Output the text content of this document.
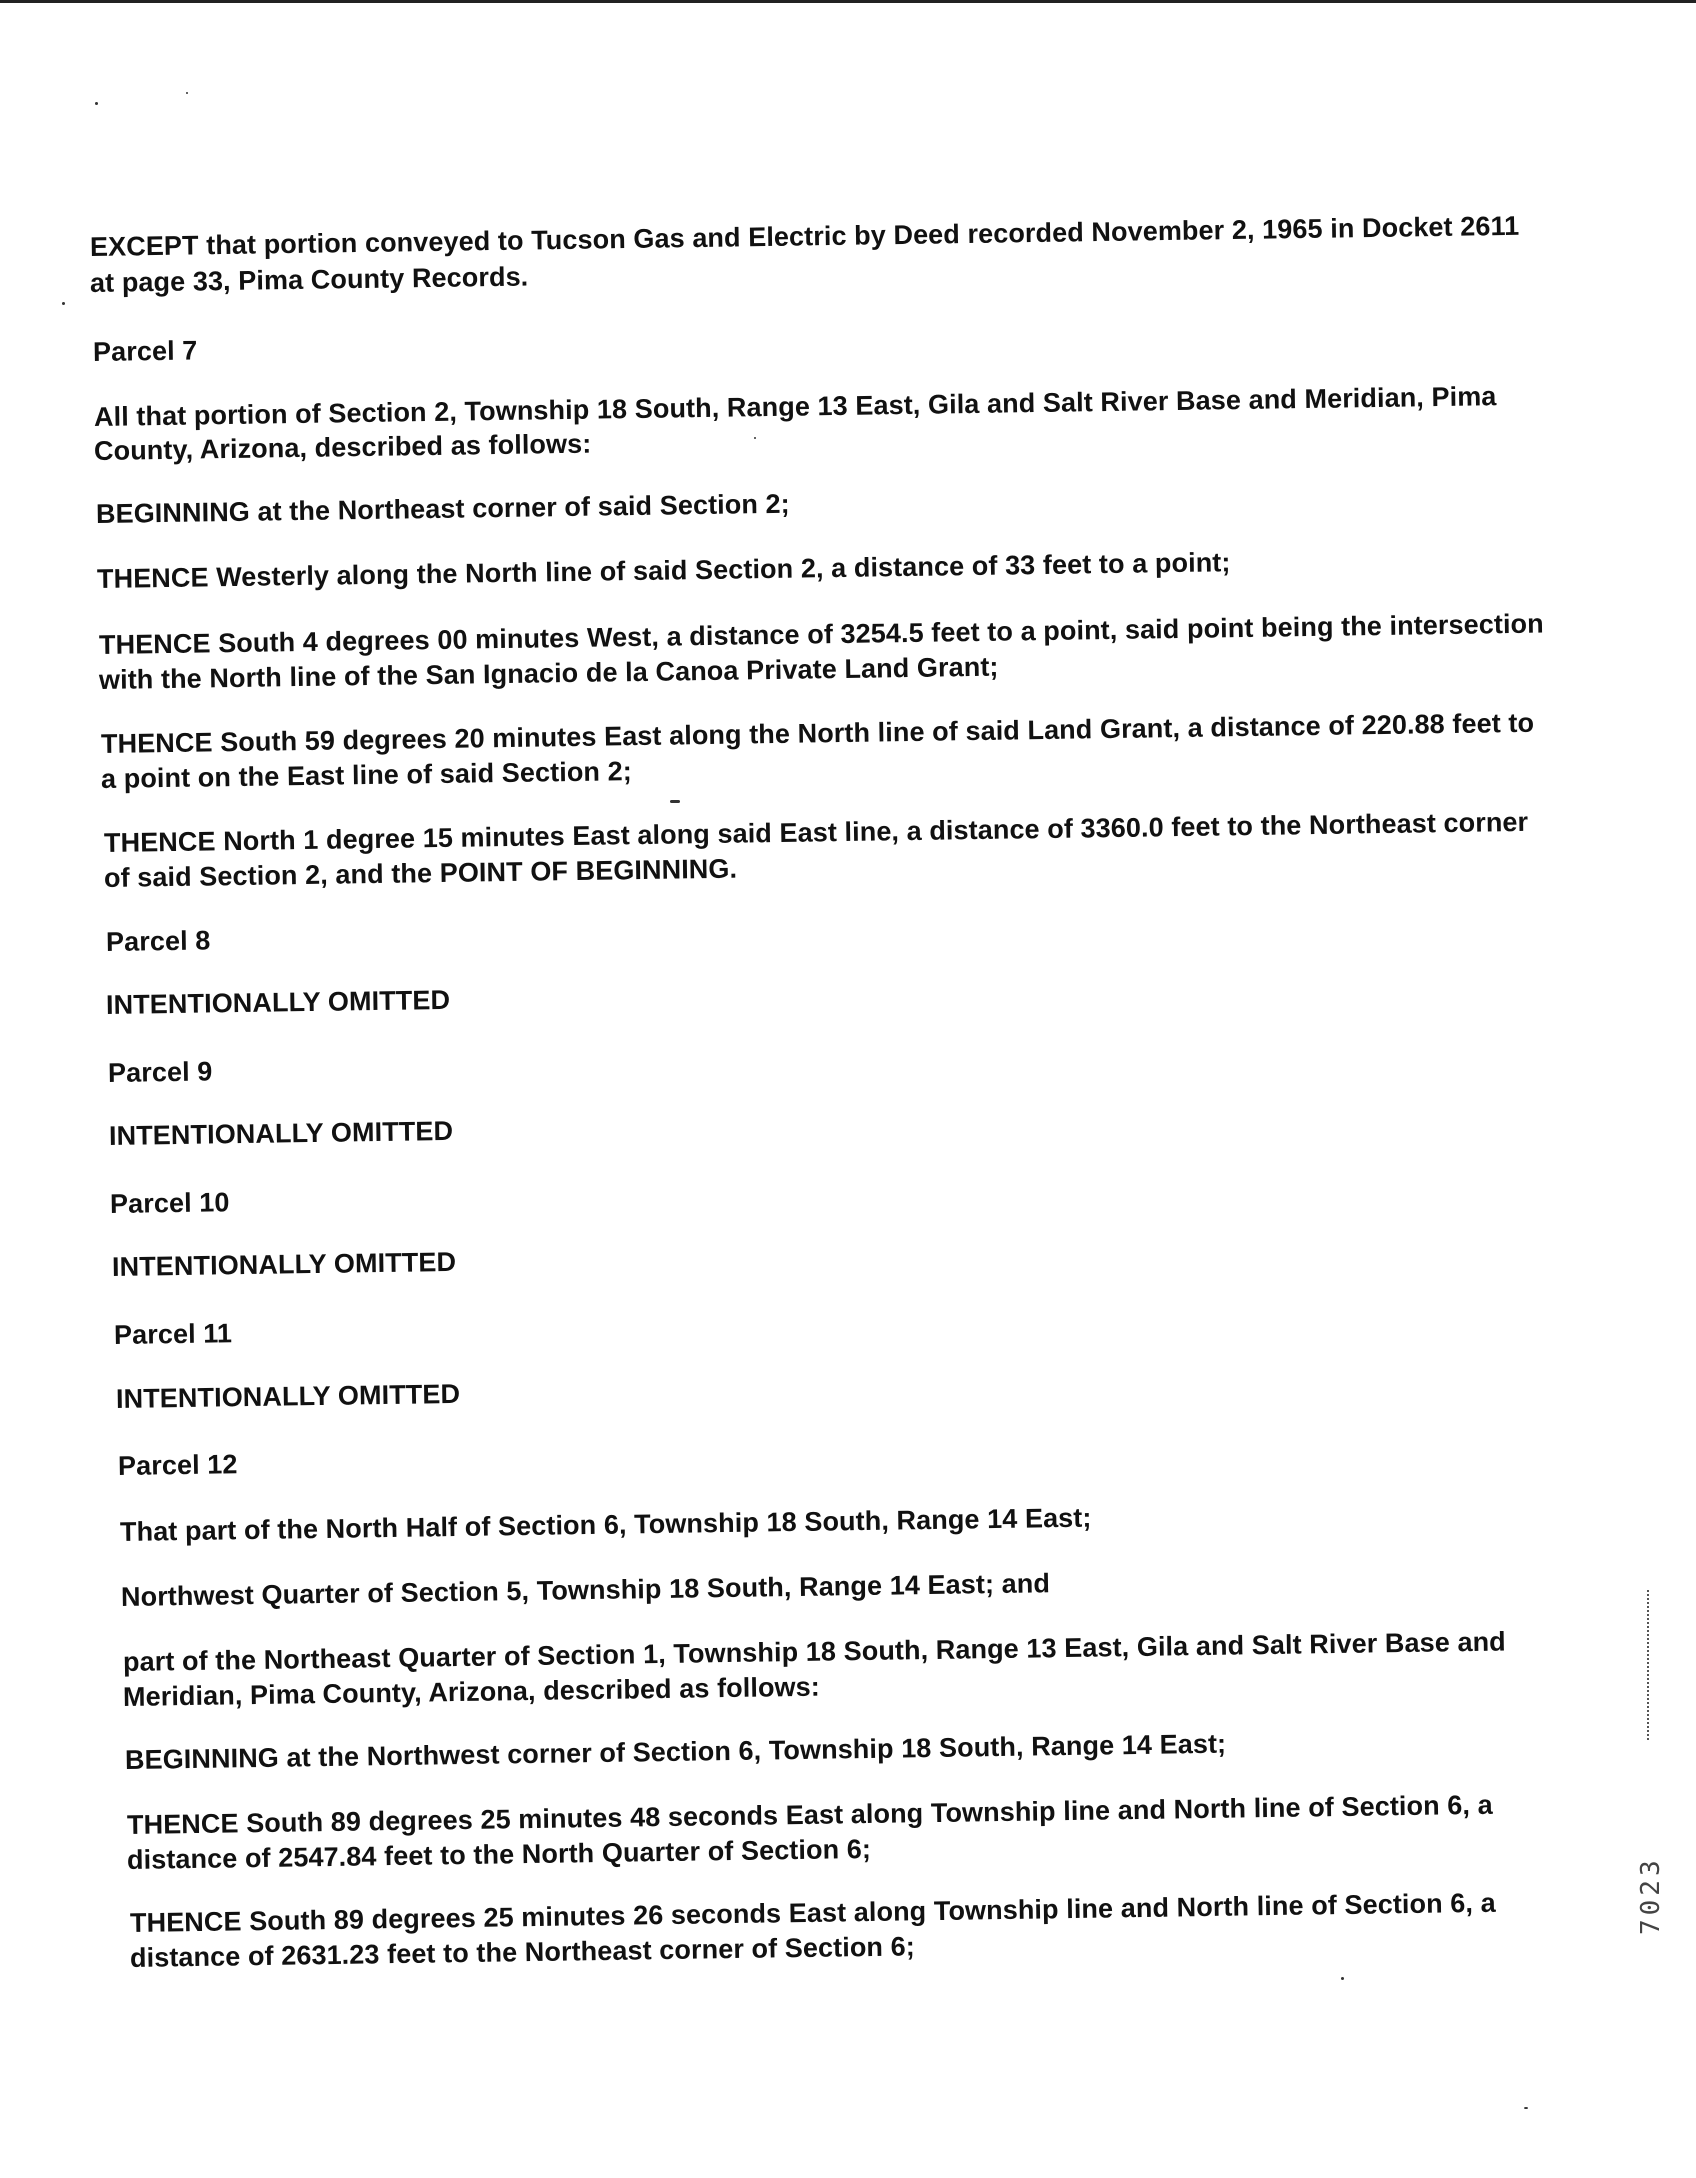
EXCEPT that portion conveyed to Tucson Gas and Electric by Deed recorded November 2, 1965 in Docket 2611
at page 33, Pima County Records.
Parcel 7
All that portion of Section 2, Township 18 South, Range 13 East, Gila and Salt River Base and Meridian, Pima
County, Arizona, described as follows:
BEGINNING at the Northeast corner of said Section 2;
THENCE Westerly along the North line of said Section 2, a distance of 33 feet to a point;
THENCE South 4 degrees 00 minutes West, a distance of 3254.5 feet to a point, said point being the intersection
with the North line of the San Ignacio de la Canoa Private Land Grant;
THENCE South 59 degrees 20 minutes East along the North line of said Land Grant, a distance of 220.88 feet to
a point on the East line of said Section 2;
THENCE North 1 degree 15 minutes East along said East line, a distance of 3360.0 feet to the Northeast corner
of said Section 2, and the POINT OF BEGINNING.
Parcel 8
INTENTIONALLY OMITTED
Parcel 9
INTENTIONALLY OMITTED
Parcel 10
INTENTIONALLY OMITTED
Parcel 11
INTENTIONALLY OMITTED
Parcel 12
That part of the North Half of Section 6, Township 18 South, Range 14 East;
Northwest Quarter of Section 5, Township 18 South, Range 14 East; and
part of the Northeast Quarter of Section 1, Township 18 South, Range 13 East, Gila and Salt River Base and
Meridian, Pima County, Arizona, described as follows:
BEGINNING at the Northwest corner of Section 6, Township 18 South, Range 14 East;
THENCE South 89 degrees 25 minutes 48 seconds East along Township line and North line of Section 6, a
distance of 2547.84 feet to the North Quarter of Section 6;
THENCE South 89 degrees 25 minutes 26 seconds East along Township line and North line of Section 6, a
distance of 2631.23 feet to the Northeast corner of Section 6;
7023
